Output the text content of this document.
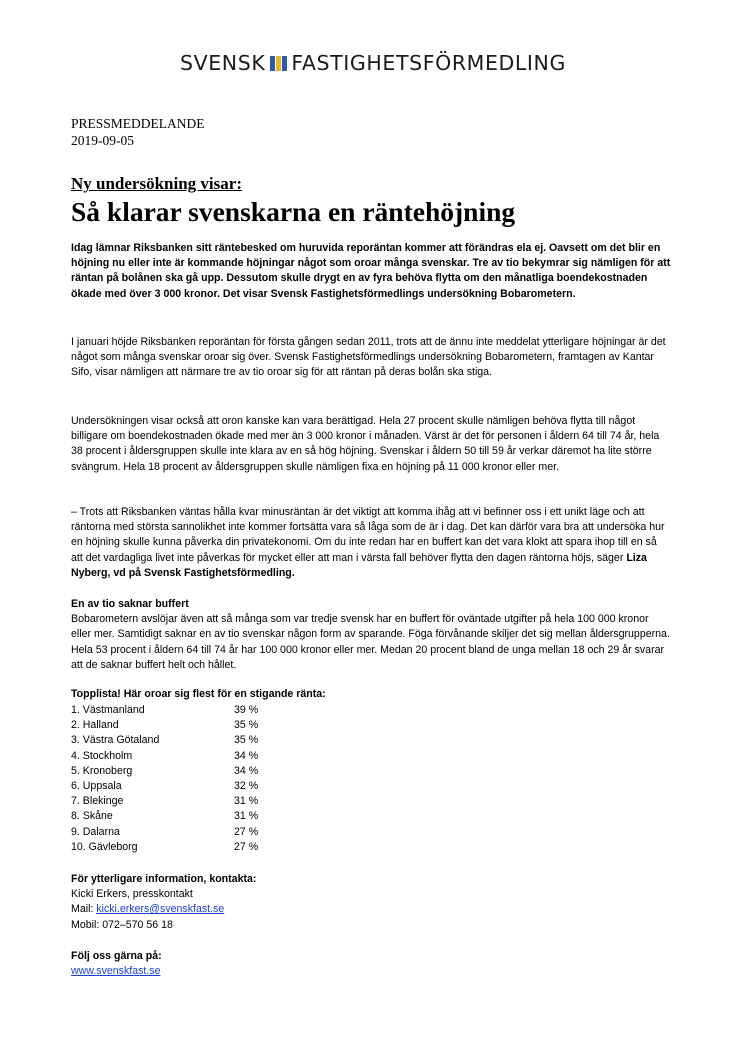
SVENSK FASTIGHETSFÖRMEDLING
PRESSMEDDELANDE
2019-09-05
Ny undersökning visar:
Så klarar svenskarna en räntehöjning
Idag lämnar Riksbanken sitt räntebesked om huruvida reporäntan kommer att förändras ela ej. Oavsett om det blir en höjning nu eller inte är kommande höjningar något som oroar många svenskar. Tre av tio bekymrar sig nämligen för att räntan på bolånen ska gå upp. Dessutom skulle drygt en av fyra behöva flytta om den månatliga boendekostnaden ökade med över 3 000 kronor. Det visar Svensk Fastighetsförmedlings undersökning Bobarometern.
I januari höjde Riksbanken reporäntan för första gången sedan 2011, trots att de ännu inte meddelat ytterligare höjningar är det något som många svenskar oroar sig över. Svensk Fastighetsförmedlings undersökning Bobarometern, framtagen av Kantar Sifo, visar nämligen att närmare tre av tio oroar sig för att räntan på deras bolån ska stiga.
Undersökningen visar också att oron kanske kan vara berättigad. Hela 27 procent skulle nämligen behöva flytta till något billigare om boendekostnaden ökade med mer än 3 000 kronor i månaden. Värst är det för personen i åldern 64 till 74 år, hela 38 procent i åldersgruppen skulle inte klara av en så hög höjning. Svenskar i åldern 50 till 59 år verkar däremot ha lite större svängrum. Hela 18 procent av åldersgruppen skulle nämligen fixa en höjning på 11 000 kronor eller mer.
– Trots att Riksbanken väntas hålla kvar minusräntan är det viktigt att komma ihåg att vi befinner oss i ett unikt läge och att räntorna med största sannolikhet inte kommer fortsätta vara så låga som de är i dag. Det kan därför vara bra att undersöka hur en höjning skulle kunna påverka din privatekonomi. Om du inte redan har en buffert kan det vara klokt att spara ihop till en så att det vardagliga livet inte påverkas för mycket eller att man i värsta fall behöver flytta den dagen räntorna höjs, säger Liza Nyberg, vd på Svensk Fastighetsförmedling.
En av tio saknar buffert
Bobarometern avslöjar även att så många som var tredje svensk har en buffert för oväntade utgifter på hela 100 000 kronor eller mer. Samtidigt saknar en av tio svenskar någon form av sparande. Föga förvånande skiljer det sig mellan åldersgrupperna. Hela 53 procent i åldern 64 till 74 år har 100 000 kronor eller mer. Medan 20 procent bland de unga mellan 18 och 29 år svarar att de saknar buffert helt och hållet.
Topplista! Här oroar sig flest för en stigande ränta:
1. Västmanland	39 %
2. Halland	35 %
3. Västra Götaland	35 %
4. Stockholm	34 %
5. Kronoberg	34 %
6. Uppsala	32 %
7. Blekinge	31 %
8. Skåne	31 %
9. Dalarna	27 %
10. Gävleborg	27 %
För ytterligare information, kontakta:
Kicki Erkers, presskontakt
Mail: kicki.erkers@svenskfast.se
Mobil: 072–570 56 18
Följ oss gärna på:
www.svenskfast.se
